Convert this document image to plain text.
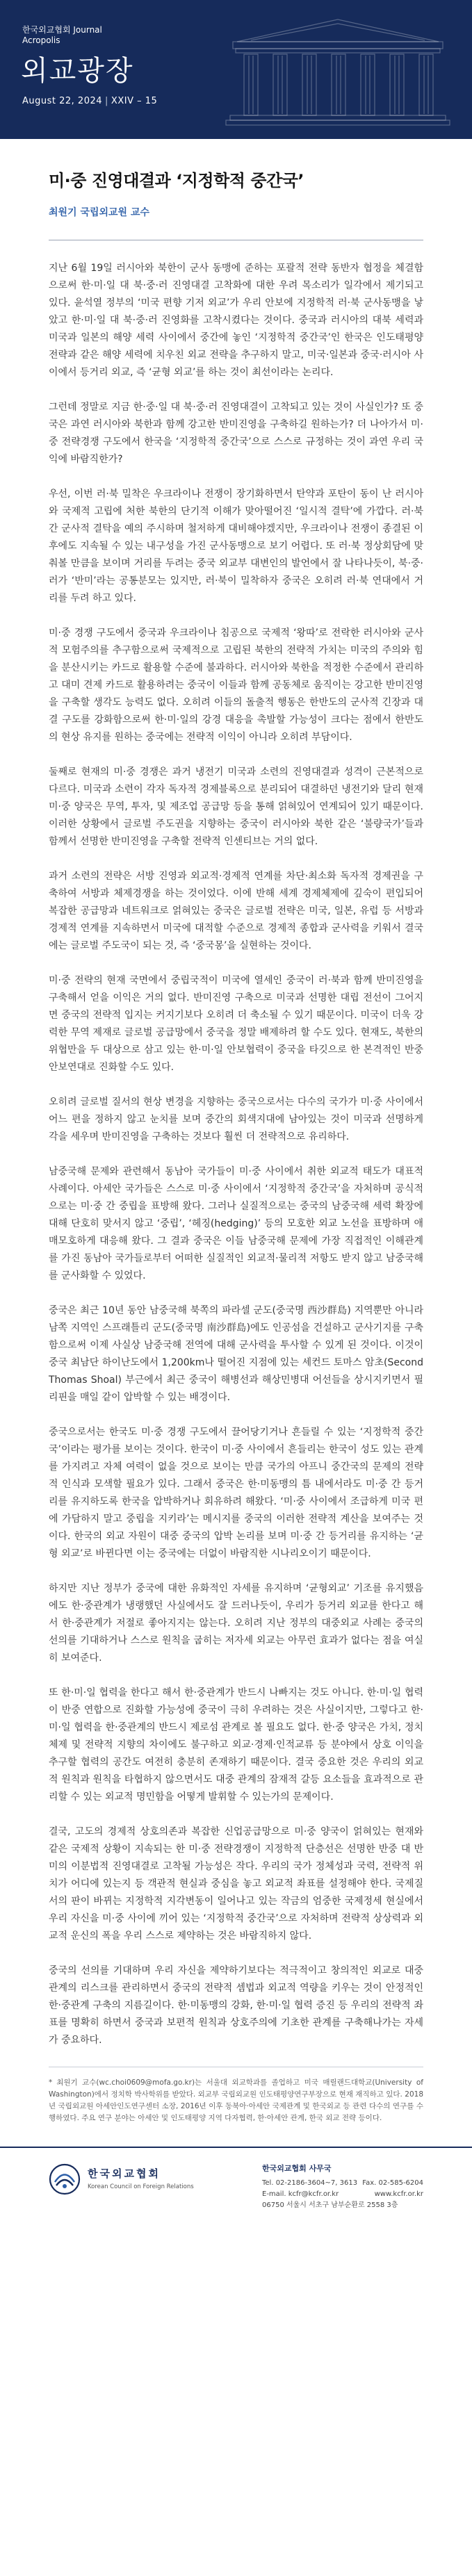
한국외교협회 Journal
Acropolis
외교광장
August 22, 2024 | XXIV – 15
미·중 진영대결과 ‘지정학적 중간국’
최원기 국립외교원 교수

지난 6월 19일 러시아와 북한이 군사 동맹에 준하는 포괄적 전략 동반자 협정을 체결함으로써 한·미·일 대 북·중·러 진영대결 고착화에 대한 우려 목소리가 일각에서 제기되고 있다. 윤석열 정부의 ‘미국 편향 기저 외교’가 우리 안보에 지정학적 러·북 군사동맹을 낳았고 한·미·일 대 북·중·러 진영화를 고착시켰다는 것이다. 중국과 러시아의 대북 세력과 미국과 일본의 해양 세력 사이에서 중간에 놓인 ‘지정학적 중간국’인 한국은 인도태평양 전략과 같은 해양 세력에 치우친 외교 전략을 추구하지 말고, 미국·일본과 중국·러시아 사이에서 등거리 외교, 즉 ‘균형 외교’를 하는 것이 최선이라는 논리다.

그런데 정말로 지금 한·중·일 대 북·중·러 진영대결이 고착되고 있는 것이 사실인가? 또 중국은 과연 러시아와 북한과 함께 강고한 반미진영을 구축하길 원하는가? 더 나아가서 미·중 전략경쟁 구도에서 한국을 ‘지정학적 중간국’으로 스스로 규정하는 것이 과연 우리 국익에 바람직한가?

우선, 이번 러·북 밀착은 우크라이나 전쟁이 장기화하면서 탄약과 포탄이 동이 난 러시아와 국제적 고립에 처한 북한의 단기적 이해가 맞아떨어진 ‘일시적 결탁’에 가깝다. 러·북 간 군사적 결탁을 예의 주시하며 철저하게 대비해야겠지만, 우크라이나 전쟁이 종결된 이후에도 지속될 수 있는 내구성을 가진 군사동맹으로 보기 어렵다. 또 러·북 정상회담에 맞춰볼 만큼을 보이며 거리를 두려는 중국 외교부 대변인의 발언에서 잘 나타나듯이, 북·중·러가 ‘반미’라는 공통분모는 있지만, 러·북이 밀착하자 중국은 오히려 러·북 연대에서 거리를 두려 하고 있다.

미·중 경쟁 구도에서 중국과 우크라이나 침공으로 국제적 ‘왕따’로 전락한 러시아와 군사적 모험주의를 추구함으로써 국제적으로 고립된 북한의 전략적 가치는 미국의 주의와 힘을 분산시키는 카드로 활용할 수준에 불과하다. 러시아와 북한을 적정한 수준에서 관리하고 대미 견제 카드로 활용하려는 중국이 이들과 함께 공동체로 움직이는 강고한 반미진영을 구축할 생각도 능력도 없다. 오히려 이들의 돌출적 행동은 한반도의 군사적 긴장과 대결 구도를 강화함으로써 한·미·일의 강경 대응을 촉발할 가능성이 크다는 점에서 한반도의 현상 유지를 원하는 중국에는 전략적 이익이 아니라 오히려 부담이다.

둘째로 현재의 미·중 경쟁은 과거 냉전기 미국과 소련의 진영대결과 성격이 근본적으로 다르다. 미국과 소련이 각자 독자적 경제블록으로 분리되어 대결하던 냉전기와 달리 현재 미·중 양국은 무역, 투자, 및 제조업 공급망 등을 통해 얽혀있어 연계되어 있기 때문이다. 이러한 상황에서 글로벌 주도권을 지향하는 중국이 러시아와 북한 같은 ‘불량국가’들과 함께서 선명한 반미진영을 구축할 전략적 인센티브는 거의 없다.

과거 소련의 전략은 서방 진영과 외교적·경제적 연계를 차단·최소화 독자적 경제권을 구축하여 서방과 체제경쟁을 하는 것이었다. 이에 반해 세계 경제체제에 깊숙이 편입되어 복잡한 공급망과 네트워크로 얽혀있는 중국은 글로벌 전략은 미국, 일본, 유럽 등 서방과 경제적 연계를 지속하면서 미국에 대적할 수준으로 경제적 종합과 군사력을 키워서 결국에는 글로벌 주도국이 되는 것, 즉 ‘중국몽’을 실현하는 것이다.

미·중 전략의 현재 국면에서 중립국적이 미국에 열세인 중국이 러·북과 함께 반미진영을 구축해서 얻을 이익은 거의 없다. 반미진영 구축으로 미국과 선명한 대립 전선이 그어지면 중국의 전략적 입지는 커지기보다 오히려 더 축소될 수 있기 때문이다. 미국이 더욱 강력한 무역 제재로 글로벌 공급망에서 중국을 정말 배제하려 할 수도 있다. 현재도, 북한의 위협만을 두 대상으로 삼고 있는 한·미·일 안보협력이 중국을 타깃으로 한 본격적인 반중 안보연대로 진화할 수도 있다.

오히려 글로벌 질서의 현상 변경을 지향하는 중국으로서는 다수의 국가가 미·중 사이에서 어느 편을 정하지 않고 눈치를 보며 중간의 회색지대에 남아있는 것이 미국과 선명하게 각을 세우며 반미진영을 구축하는 것보다 훨씬 더 전략적으로 유리하다.

남중국해 문제와 관련해서 동남아 국가들이 미·중 사이에서 취한 외교적 태도가 대표적 사례이다. 아세안 국가들은 스스로 미·중 사이에서 ‘지정학적 중간국’을 자처하며 공식적으로는 미·중 간 중립을 표방해 왔다. 그러나 실질적으로는 중국의 남중국해 세력 확장에 대해 단호히 맞서지 않고 ‘중립’, ‘헤징(hedging)’ 등의 모호한 외교 노선을 표방하며 애매모호하게 대응해 왔다. 그 결과 중국은 이들 남중국해 문제에 가장 직접적인 이해관계를 가진 동남아 국가들로부터 어떠한 실질적인 외교적·물리적 저항도 받지 않고 남중국해를 군사화할 수 있었다.

중국은 최근 10년 동안 남중국해 북쪽의 파라셀 군도(중국명 西沙群島) 지역뿐만 아니라 남쪽 지역인 스프래틀리 군도(중국명 南沙群島)에도 인공섬을 건설하고 군사기지를 구축함으로써 이제 사실상 남중국해 전역에 대해 군사력을 투사할 수 있게 된 것이다. 이것이 중국 최남단 하이난도에서 1,200km나 떨어진 지점에 있는 세컨드 토마스 암초(Second Thomas Shoal) 부근에서 최근 중국이 해병선과 해상민병대 어선들을 상시지키면서 필리핀을 매일 같이 압박할 수 있는 배경이다.

중국으로서는 한국도 미·중 경쟁 구도에서 끌어당기거나 흔들릴 수 있는 ‘지정학적 중간국’이라는 평가를 보이는 것이다. 한국이 미·중 사이에서 흔들리는 한국이 성도 있는 관계를 가지려고 자체 여력이 없을 것으로 보이는 만큼 국가의 아프니 중간국의 문제의 전략적 인식과 모색할 필요가 있다. 그래서 중국은 한·미동맹의 틈 내에서라도 미·중 간 등거리를 유지하도록 한국을 압박하거나 회유하려 해왔다. ‘미·중 사이에서 조급하게 미국 편에 가담하지 말고 중립을 지키라’는 메시지를 중국의 이러한 전략적 계산을 보여주는 것이다. 한국의 외교 자원이 대중 중국의 압박 논리를 보며 미·중 간 등거리를 유지하는 ‘균형 외교’로 바뀐다면 이는 중국에는 더없이 바람직한 시나리오이기 때문이다.

하지만 지난 정부가 중국에 대한 유화적인 자세를 유지하며 ‘균형외교’ 기조를 유지했음에도 한·중관계가 냉랭했던 사실에서도 잘 드러나듯이, 우리가 등거리 외교를 한다고 해서 한·중관계가 저절로 좋아지지는 않는다. 오히려 지난 정부의 대중외교 사례는 중국의 선의를 기대하거나 스스로 원칙을 굽히는 저자세 외교는 아무런 효과가 없다는 점을 여실히 보여준다.

또 한·미·일 협력을 한다고 해서 한·중관계가 반드시 나빠지는 것도 아니다. 한·미·일 협력이 반중 연합으로 진화할 가능성에 중국이 극히 우려하는 것은 사실이지만, 그렇다고 한·미·일 협력을 한·중관계의 반드시 제로섬 관계로 볼 필요도 없다. 한·중 양국은 가치, 정치체제 및 전략적 지향의 차이에도 불구하고 외교·경제·인적교류 등 분야에서 상호 이익을 추구할 협력의 공간도 여전히 충분히 존재하기 때문이다. 결국 중요한 것은 우리의 외교적 원칙과 원칙을 타협하지 않으면서도 대중 관계의 잠재적 갈등 요소들을 효과적으로 관리할 수 있는 외교적 명민함을 어떻게 발휘할 수 있는가의 문제이다.

결국, 고도의 경제적 상호의존과 복잡한 신업공급망으로 미·중 양국이 얽혀있는 현재와 같은 국제적 상황이 지속되는 한 미·중 전략경쟁이 지정학적 단층선은 선명한 반중 대 반미의 이분법적 진영대결로 고착될 가능성은 작다. 우리의 국가 정체성과 국력, 전략적 위치가 어디에 있는지 등 객관적 현실과 중심을 놓고 외교적 좌표를 설정해야 한다. 국제질서의 판이 바뀌는 지정학적 지각변동이 일어나고 있는 작금의 엄중한 국제정세 현실에서 우리 자신을 미·중 사이에 끼어 있는 ‘지정학적 중간국’으로 자처하며 전략적 상상력과 외교적 운신의 폭을 우리 스스로 제약하는 것은 바람직하지 않다.

중국의 선의를 기대하며 우리 자신을 제약하기보다는 적극적이고 창의적인 외교로 대중 관계의 리스크를 관리하면서 중국의 전략적 셈법과 외교적 역량을 키우는 것이 안정적인 한·중관계 구축의 지름길이다. 한·미동맹의 강화, 한·미·일 협력 증진 등 우리의 전략적 좌표를 명확히 하면서 중국과 보편적 원칙과 상호주의에 기초한 관계를 구축해나가는 자세가 중요하다.

* 최원기 교수(wc.choi0609@mofa.go.kr)는 서울대 외교학과를 졸업하고 미국 매릴랜드대학교(University of Washington)에서 정치학 박사학위를 받았다. 외교부 국립외교원 인도태평양연구부장으로 현재 재직하고 있다. 2018년 국립외교원 아세안인도연구센터 소장, 2016년 이후 동북아·아세안 국제관계 및 한국외교 등 관련 다수의 연구를 수행하였다. 주요 연구 분야는 아세안 및 인도태평양 지역 다자협력, 한·아세안 관계, 한국 외교 전략 등이다.
한국외교협회
Korean Council on Foreign Relations
한국외교협회 사무국
Tel. 02-2186-3604~7, 3613 Fax. 02-585-6204
E-mail. kcfr@kcfr.or.kr	www.kcfr.or.kr
06750 서울시 서초구 남부순환로 2558 3층
